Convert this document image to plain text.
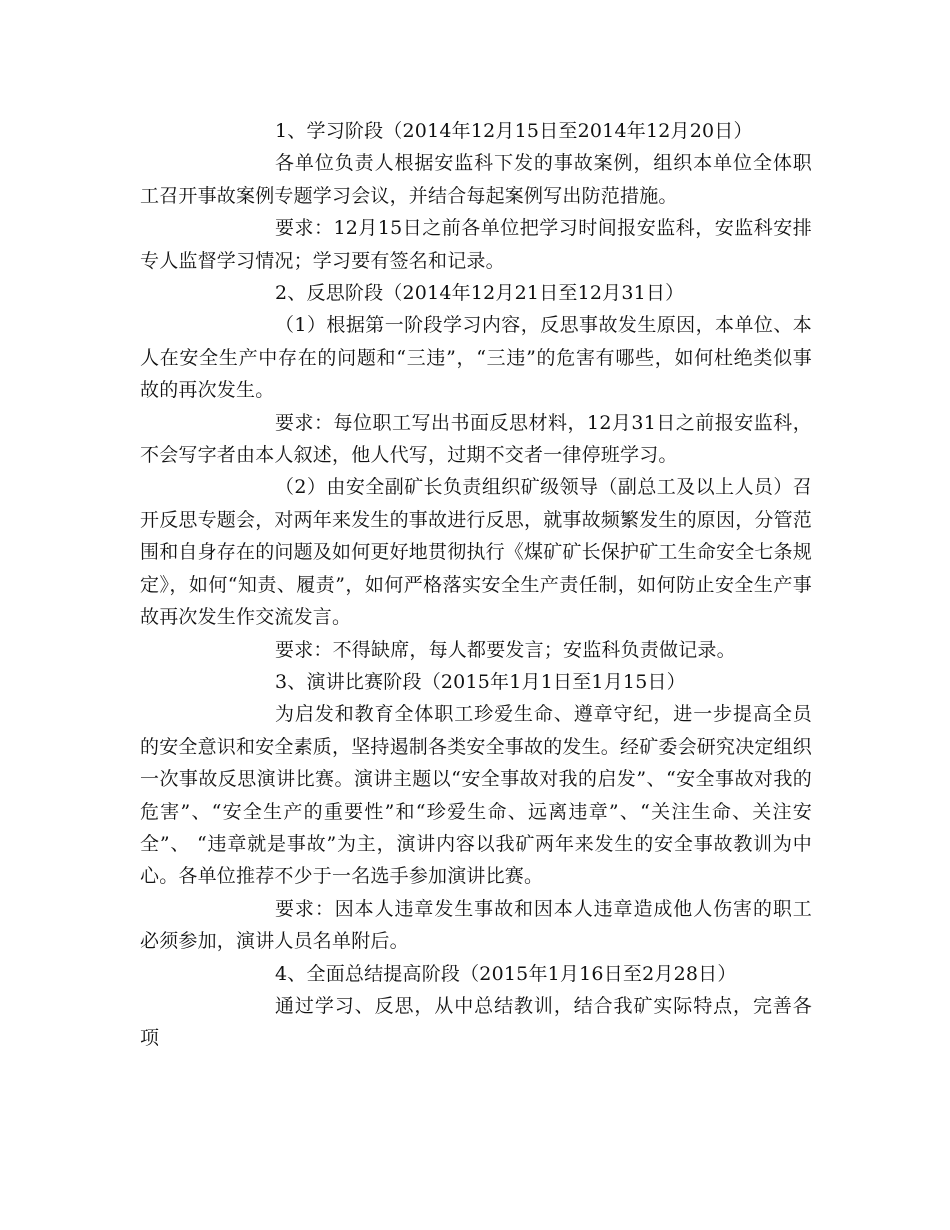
1、学习阶段（2014年12月15日至2014年12月20日）

各单位负责人根据安监科下发的事故案例，组织本单位全体职工召开事故案例专题学习会议，并结合每起案例写出防范措施。

要求：12月15日之前各单位把学习时间报安监科，安监科安排专人监督学习情况；学习要有签名和记录。

2、反思阶段（2014年12月21日至12月31日）

（1）根据第一阶段学习内容，反思事故发生原因，本单位、本人在安全生产中存在的问题和“三违”，“三违”的危害有哪些，如何杜绝类似事故的再次发生。

要求：每位职工写出书面反思材料，12月31日之前报安监科，不会写字者由本人叙述，他人代写，过期不交者一律停班学习。

（2）由安全副矿长负责组织矿级领导（副总工及以上人员）召开反思专题会，对两年来发生的事故进行反思，就事故频繁发生的原因，分管范围和自身存在的问题及如何更好地贯彻执行《煤矿矿长保护矿工生命安全七条规定》，如何“知责、履责”，如何严格落实安全生产责任制，如何防止安全生产事故再次发生作交流发言。

要求：不得缺席，每人都要发言；安监科负责做记录。

3、演讲比赛阶段（2015年1月1日至1月15日）

为启发和教育全体职工珍爱生命、遵章守纪，进一步提高全员的安全意识和安全素质，坚持遏制各类安全事故的发生。经矿委会研究决定组织一次事故反思演讲比赛。演讲主题以“安全事故对我的启发”、“安全事故对我的危害”、“安全生产的重要性”和“珍爱生命、远离违章”、“关注生命、关注安全”、 “违章就是事故”为主，演讲内容以我矿两年来发生的安全事故教训为中心。各单位推荐不少于一名选手参加演讲比赛。

要求：因本人违章发生事故和因本人违章造成他人伤害的职工必须参加，演讲人员名单附后。

4、全面总结提高阶段（2015年1月16日至2月28日）

通过学习、反思，从中总结教训，结合我矿实际特点，完善各项
